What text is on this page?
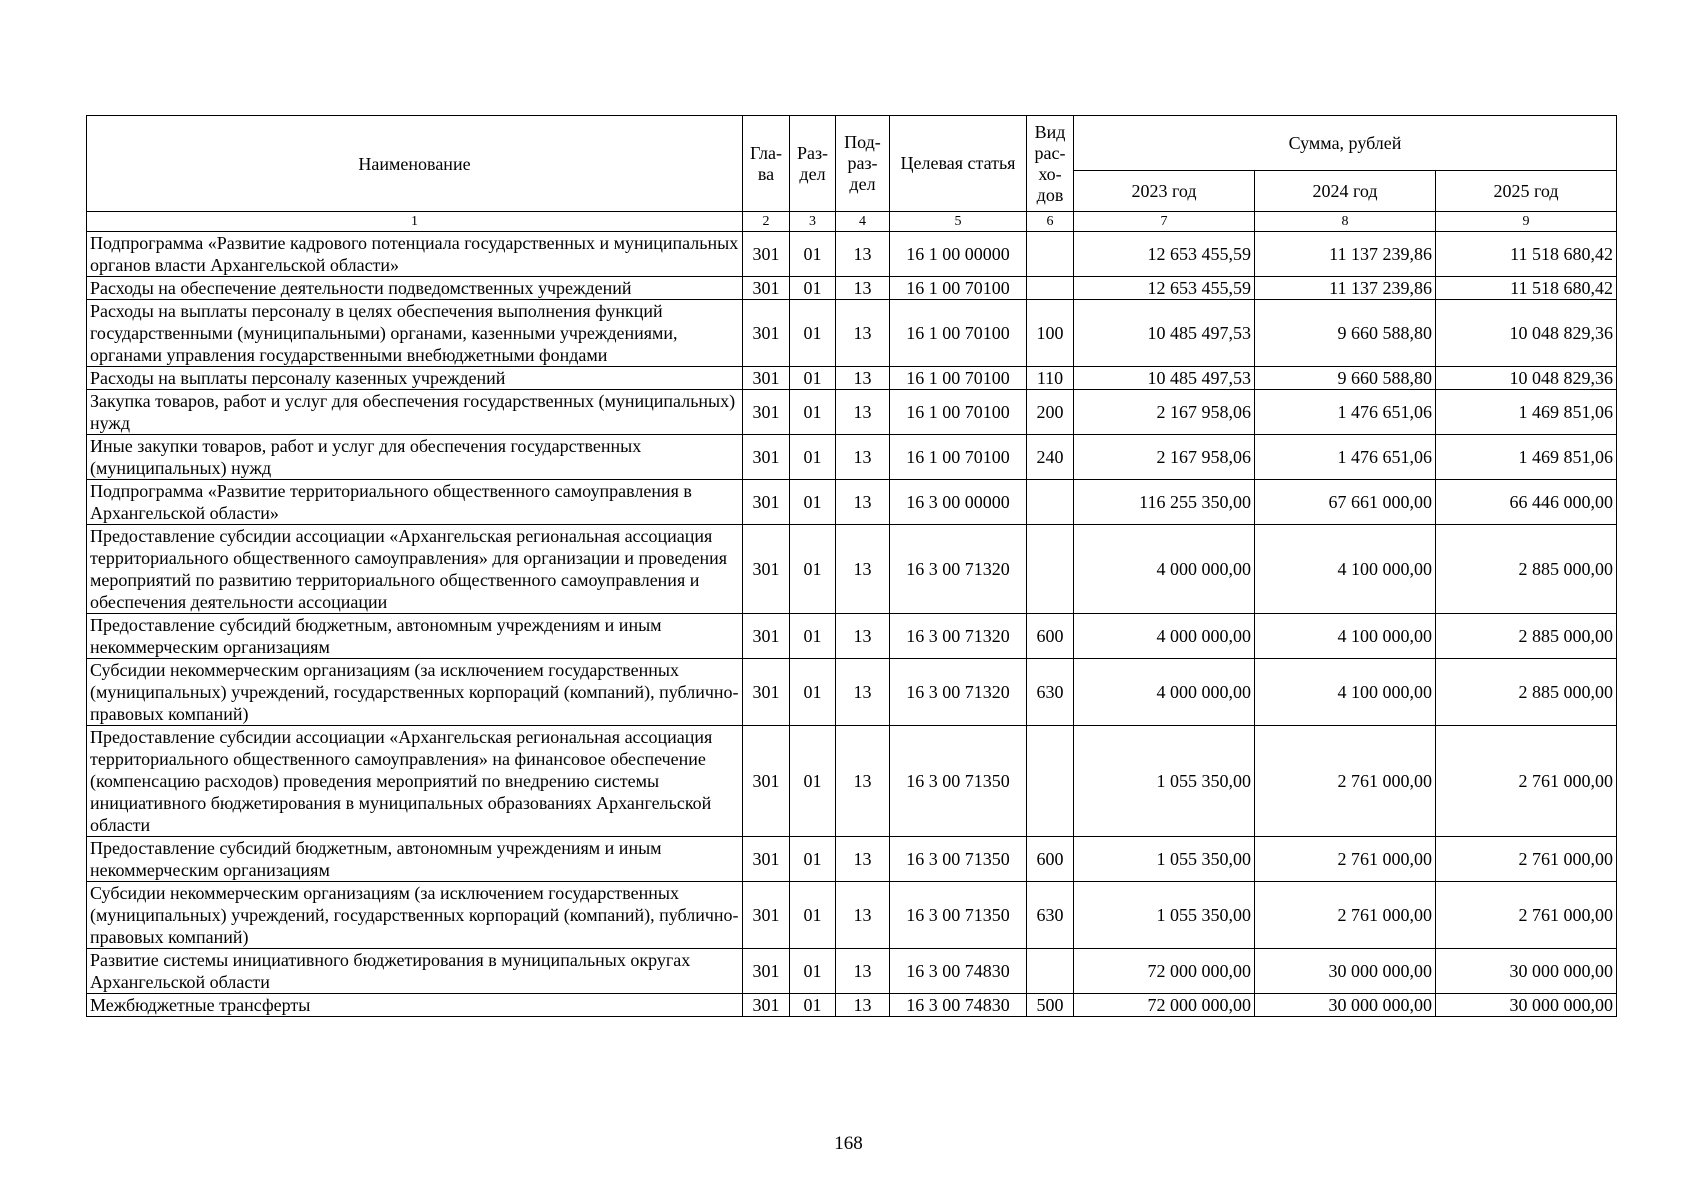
Наименование	Гла-ва	Раз-дел	Под-раз-дел	Целевая статья	Вид рас-хо-дов	Сумма, рублей		
						2023 год	2024 год	2025 год
1	2	3	4	5	6	7	8	9
Подпрограмма «Развитие кадрового потенциала государственных и муниципальных органов власти Архангельской области»	301	01	13	16 1 00 00000		12 653 455,59	11 137 239,86	11 518 680,42
Расходы на обеспечение деятельности подведомственных учреждений	301	01	13	16 1 00 70100		12 653 455,59	11 137 239,86	11 518 680,42
Расходы на выплаты персоналу в целях обеспечения выполнения функций государственными (муниципальными) органами, казенными учреждениями, органами управления государственными внебюджетными фондами	301	01	13	16 1 00 70100	100	10 485 497,53	9 660 588,80	10 048 829,36
Расходы на выплаты персоналу казенных учреждений	301	01	13	16 1 00 70100	110	10 485 497,53	9 660 588,80	10 048 829,36
Закупка товаров, работ и услуг для обеспечения государственных (муниципальных) нужд	301	01	13	16 1 00 70100	200	2 167 958,06	1 476 651,06	1 469 851,06
Иные закупки товаров, работ и услуг для обеспечения государственных (муниципальных) нужд	301	01	13	16 1 00 70100	240	2 167 958,06	1 476 651,06	1 469 851,06
Подпрограмма «Развитие территориального общественного самоуправления в Архангельской области»	301	01	13	16 3 00 00000		116 255 350,00	67 661 000,00	66 446 000,00
Предоставление субсидии ассоциации «Архангельская региональная ассоциация территориального общественного самоуправления» для организации и проведения мероприятий по развитию территориального общественного самоуправления и обеспечения деятельности ассоциации	301	01	13	16 3 00 71320		4 000 000,00	4 100 000,00	2 885 000,00
Предоставление субсидий бюджетным, автономным учреждениям и иным некоммерческим организациям	301	01	13	16 3 00 71320	600	4 000 000,00	4 100 000,00	2 885 000,00
Субсидии некоммерческим организациям (за исключением государственных (муниципальных) учреждений, государственных корпораций (компаний), публично-правовых компаний)	301	01	13	16 3 00 71320	630	4 000 000,00	4 100 000,00	2 885 000,00
Предоставление субсидии ассоциации «Архангельская региональная ассоциация территориального общественного самоуправления» на финансовое обеспечение (компенсацию расходов) проведения мероприятий по внедрению системы инициативного бюджетирования в муниципальных образованиях Архангельской области	301	01	13	16 3 00 71350		1 055 350,00	2 761 000,00	2 761 000,00
Предоставление субсидий бюджетным, автономным учреждениям и иным некоммерческим организациям	301	01	13	16 3 00 71350	600	1 055 350,00	2 761 000,00	2 761 000,00
Субсидии некоммерческим организациям (за исключением государственных (муниципальных) учреждений, государственных корпораций (компаний), публично-правовых компаний)	301	01	13	16 3 00 71350	630	1 055 350,00	2 761 000,00	2 761 000,00
Развитие системы инициативного бюджетирования в муниципальных округах Архангельской области	301	01	13	16 3 00 74830		72 000 000,00	30 000 000,00	30 000 000,00
Межбюджетные трансферты	301	01	13	16 3 00 74830	500	72 000 000,00	30 000 000,00	30 000 000,00
168
